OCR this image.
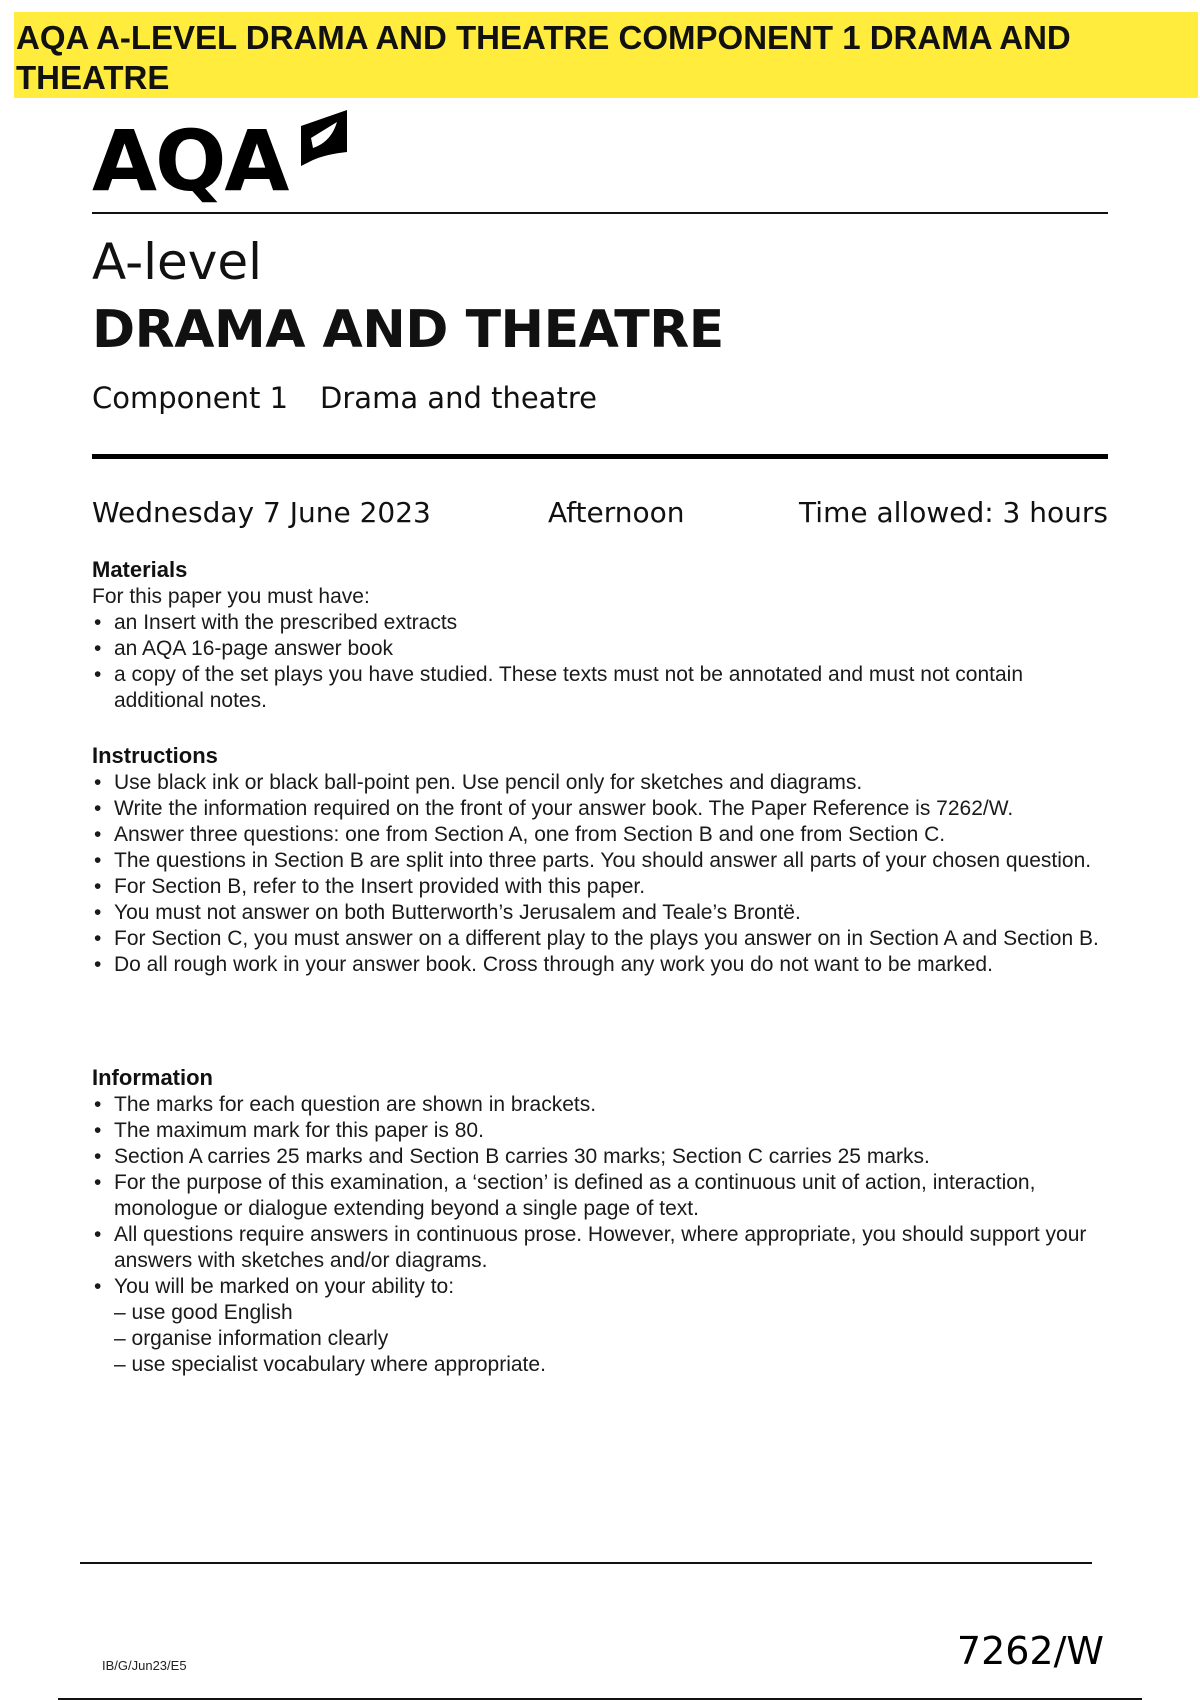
AQA A-LEVEL DRAMA AND THEATRE COMPONENT 1 DRAMA AND THEATRE
AQA
A-level
DRAMA AND THEATRE
Component 1 Drama and theatre
Wednesday 7 June 2023	Afternoon	Time allowed: 3 hours
Materials

For this paper you must have:

• an Insert with the prescribed extracts
• an AQA 16-page answer book
• a copy of the set plays you have studied. These texts must not be annotated and must not contain additional notes.
Instructions
• Use black ink or black ball-point pen. Use pencil only for sketches and diagrams.
• Write the information required on the front of your answer book. The Paper Reference is 7262/W.
• Answer three questions: one from Section A, one from Section B and one from Section C.
• The questions in Section B are split into three parts. You should answer all parts of your chosen question.
• For Section B, refer to the Insert provided with this paper.
• You must not answer on both Butterworth’s Jerusalem and Teale’s Brontë.
• For Section C, you must answer on a different play to the plays you answer on in Section A and Section B.
• Do all rough work in your answer book. Cross through any work you do not want to be marked.
Information
• The marks for each question are shown in brackets.
• The maximum mark for this paper is 80.
• Section A carries 25 marks and Section B carries 30 marks; Section C carries 25 marks.
• For the purpose of this examination, a ‘section’ is defined as a continuous unit of action, interaction, monologue or dialogue extending beyond a single page of text.
• All questions require answers in continuous prose. However, where appropriate, you should support your answers with sketches and/or diagrams.
• You will be marked on your ability to:
– use good English
– organise information clearly
– use specialist vocabulary where appropriate.
IB/G/Jun23/E5	7262/W
